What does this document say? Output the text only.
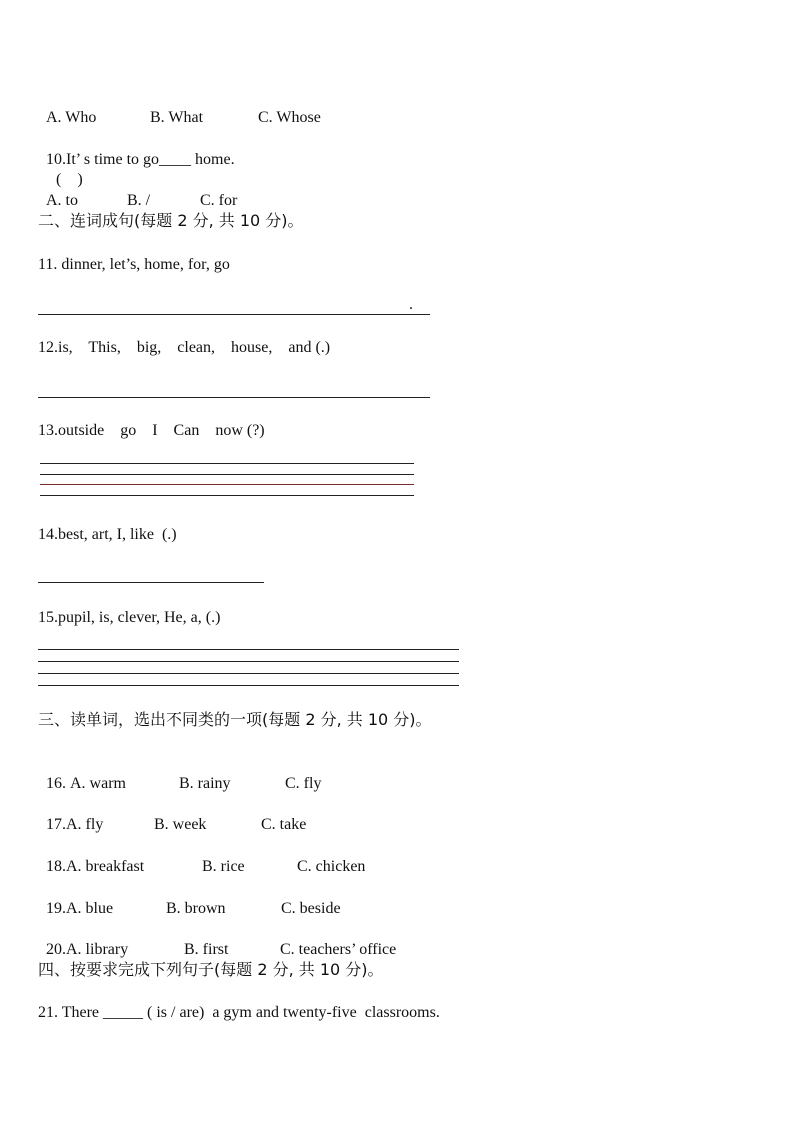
A. Who	B. What	C. Whose

10.It’ s time to go____ home.
(    )

A. to	B. /	C. for

二、连词成句(每题 2 分, 共 10 分)。
11. dinner, let’s, home, for, go
.
12.is,    This,    big,    clean,    house,    and (.)
13.outside    go    I    Can    now (?)
14.best, art, I, like  (.)
15.pupil, is, clever, He, a, (.)
三、读单词，选出不同类的一项(每题 2 分, 共 10 分)。

16. A. warm	B. rainy	C. fly

17.A. fly	B. week	C. take

18.A. breakfast	B. rice	C. chicken

19.A. blue	B. brown	C. beside

20.A. library	B. first	C. teachers’ office

四、按要求完成下列句子(每题 2 分, 共 10 分)。
21. There _____ ( is / are)  a gym and twenty-five  classrooms.
